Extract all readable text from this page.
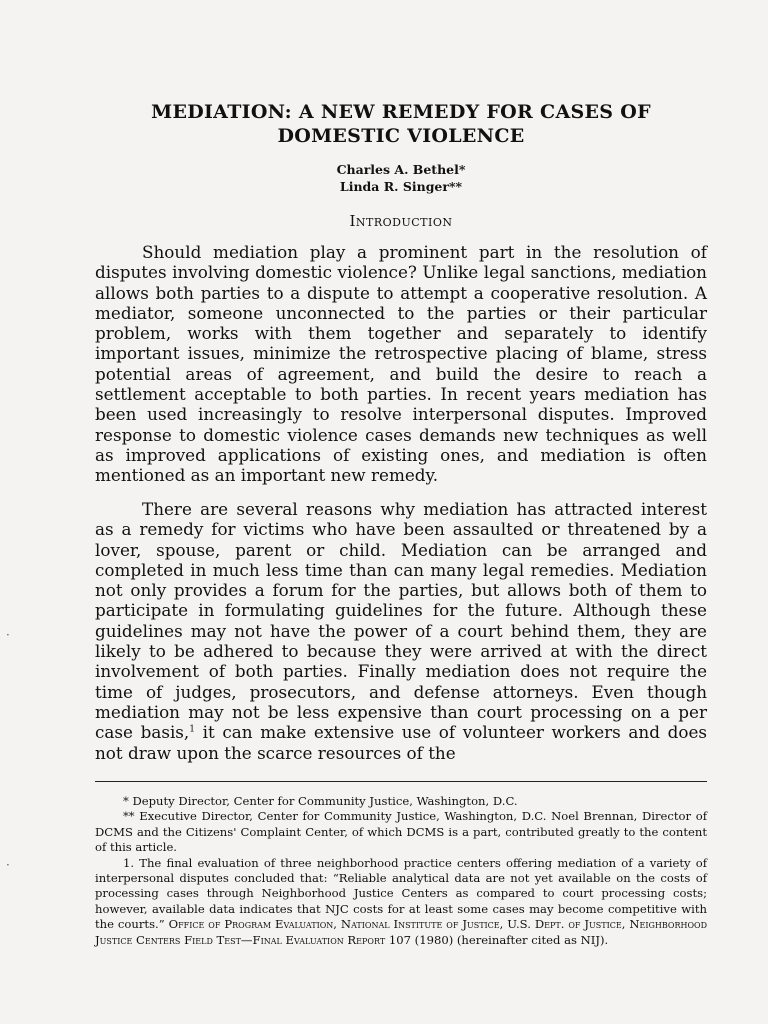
MEDIATION: A NEW REMEDY FOR CASES OF
DOMESTIC VIOLENCE
Charles A. Bethel*
Linda R. Singer**
Introduction

Should mediation play a prominent part in the resolution of disputes involving domestic violence? Unlike legal sanctions, mediation allows both parties to a dispute to attempt a cooperative resolution. A mediator, someone unconnected to the parties or their particular problem, works with them together and separately to identify important issues, minimize the retrospective placing of blame, stress potential areas of agreement, and build the desire to reach a settlement acceptable to both parties. In recent years mediation has been used increasingly to resolve interpersonal disputes. Improved response to domestic violence cases demands new techniques as well as improved applications of existing ones, and mediation is often mentioned as an important new remedy.

There are several reasons why mediation has attracted interest as a remedy for victims who have been assaulted or threatened by a lover, spouse, parent or child. Mediation can be arranged and completed in much less time than can many legal remedies. Mediation not only provides a forum for the parties, but allows both of them to participate in formulating guidelines for the future. Although these guidelines may not have the power of a court behind them, they are likely to be adhered to because they were arrived at with the direct involvement of both parties. Finally mediation does not require the time of judges, prosecutors, and defense attorneys. Even though mediation may not be less expensive than court processing on a per case basis,$^1$ it can make extensive use of volunteer workers and does not draw upon the scarce resources of the

* Deputy Director, Center for Community Justice, Washington, D.C.

** Executive Director, Center for Community Justice, Washington, D.C. Noel Brennan, Director of DCMS and the Citizens' Complaint Center, of which DCMS is a part, contributed greatly to the content of this article.

1. The final evaluation of three neighborhood practice centers offering mediation of a variety of interpersonal disputes concluded that: “Reliable analytical data are not yet available on the costs of processing cases through Neighborhood Justice Centers as compared to court processing costs; however, available data indicates that NJC costs for at least some cases may become competitive with the courts.” Office of Program Evaluation, National Institute of Justice, U.S. Dept. of Justice, Neighborhood Justice Centers Field Test—Final Evaluation Report 107 (1980) (hereinafter cited as NIJ).

·
·
